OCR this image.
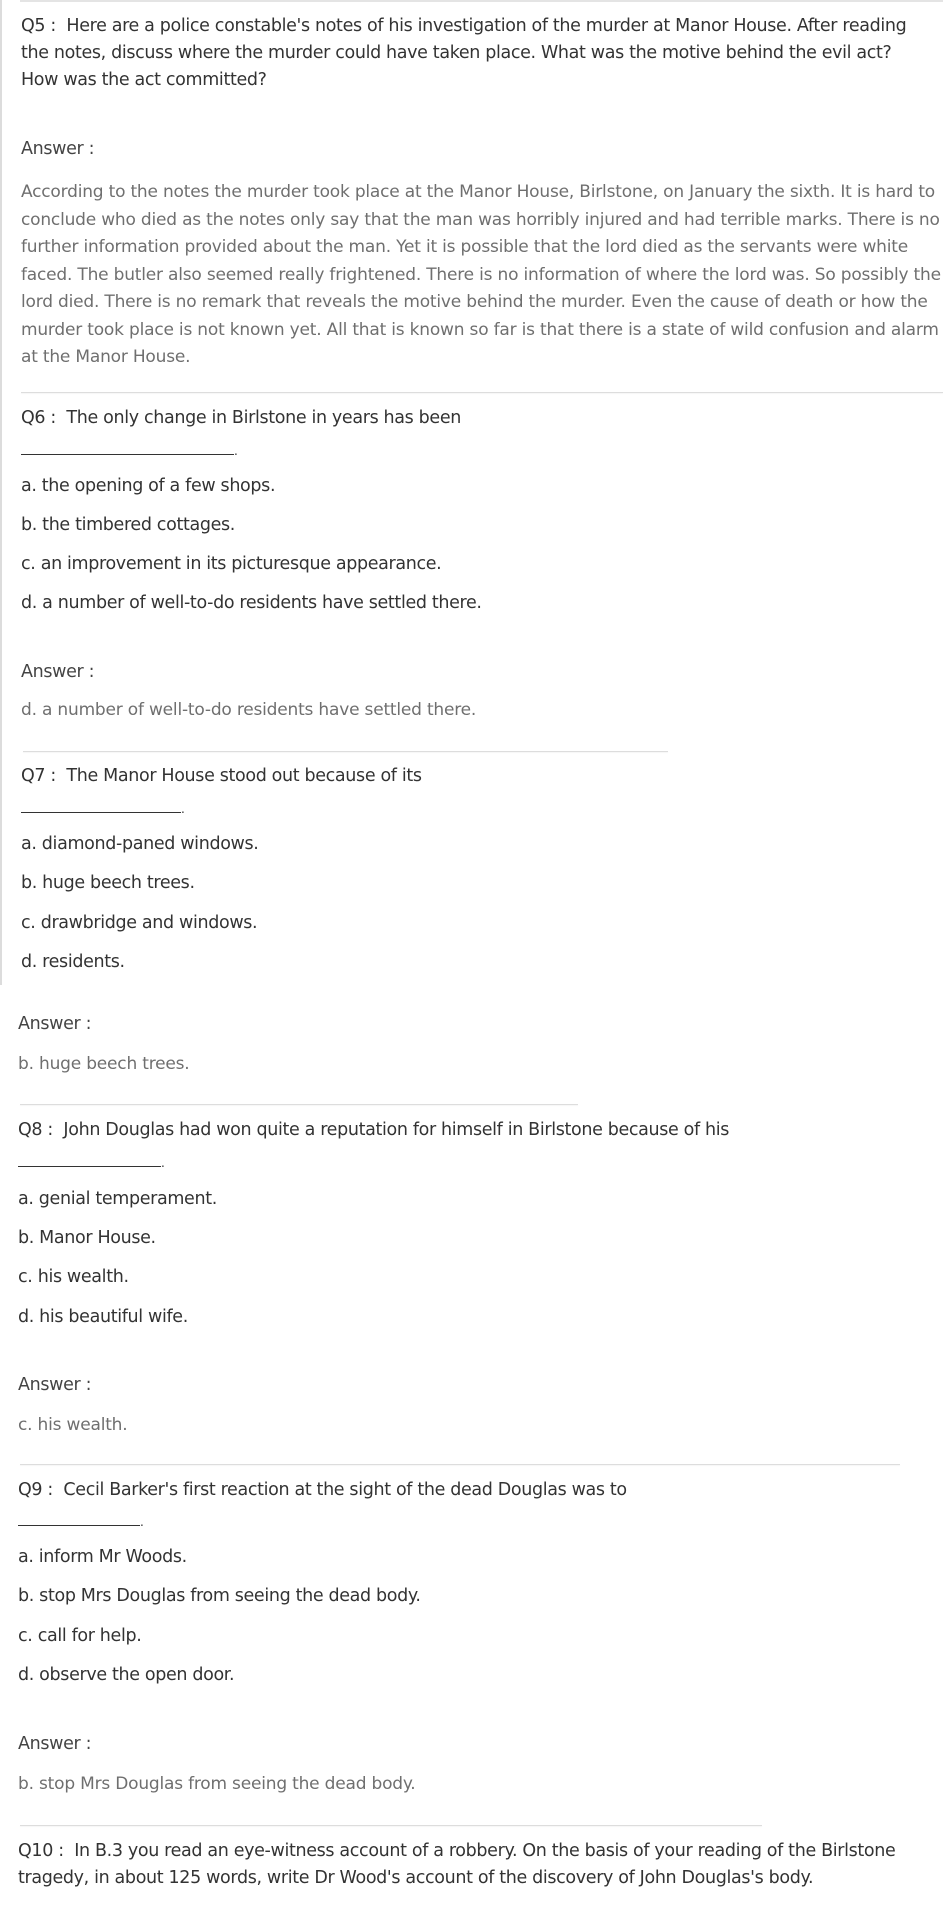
Q5 : Here are a police constable's notes of his investigation of the murder at Manor House. After reading the notes, discuss where the murder could have taken place. What was the motive behind the evil act? How was the act committed?

Answer :

According to the notes the murder took place at the Manor House, Birlstone, on January the sixth. It is hard to conclude who died as the notes only say that the man was horribly injured and had terrible marks. There is no further information provided about the man. Yet it is possible that the lord died as the servants were white faced. The butler also seemed really frightened. There is no information of where the lord was. So possibly the lord died. There is no remark that reveals the motive behind the murder. Even the cause of death or how the murder took place is not known yet. All that is known so far is that there is a state of wild confusion and alarm at the Manor House.

Q6 : The only change in Birlstone in years has been

.

a. the opening of a few shops.

b. the timbered cottages.

c. an improvement in its picturesque appearance.

d. a number of well-to-do residents have settled there.

Answer :

d. a number of well-to-do residents have settled there.

Q7 : The Manor House stood out because of its

.

a. diamond-paned windows.

b. huge beech trees.

c. drawbridge and windows.

d. residents.

Answer :

b. huge beech trees.

Q8 : John Douglas had won quite a reputation for himself in Birlstone because of his

.

a. genial temperament.

b. Manor House.

c. his wealth.

d. his beautiful wife.

Answer :

c. his wealth.

Q9 : Cecil Barker's first reaction at the sight of the dead Douglas was to

.

a. inform Mr Woods.

b. stop Mrs Douglas from seeing the dead body.

c. call for help.

d. observe the open door.

Answer :

b. stop Mrs Douglas from seeing the dead body.

Q10 : In B.3 you read an eye-witness account of a robbery. On the basis of your reading of the Birlstone tragedy, in about 125 words, write Dr Wood's account of the discovery of John Douglas's body.
